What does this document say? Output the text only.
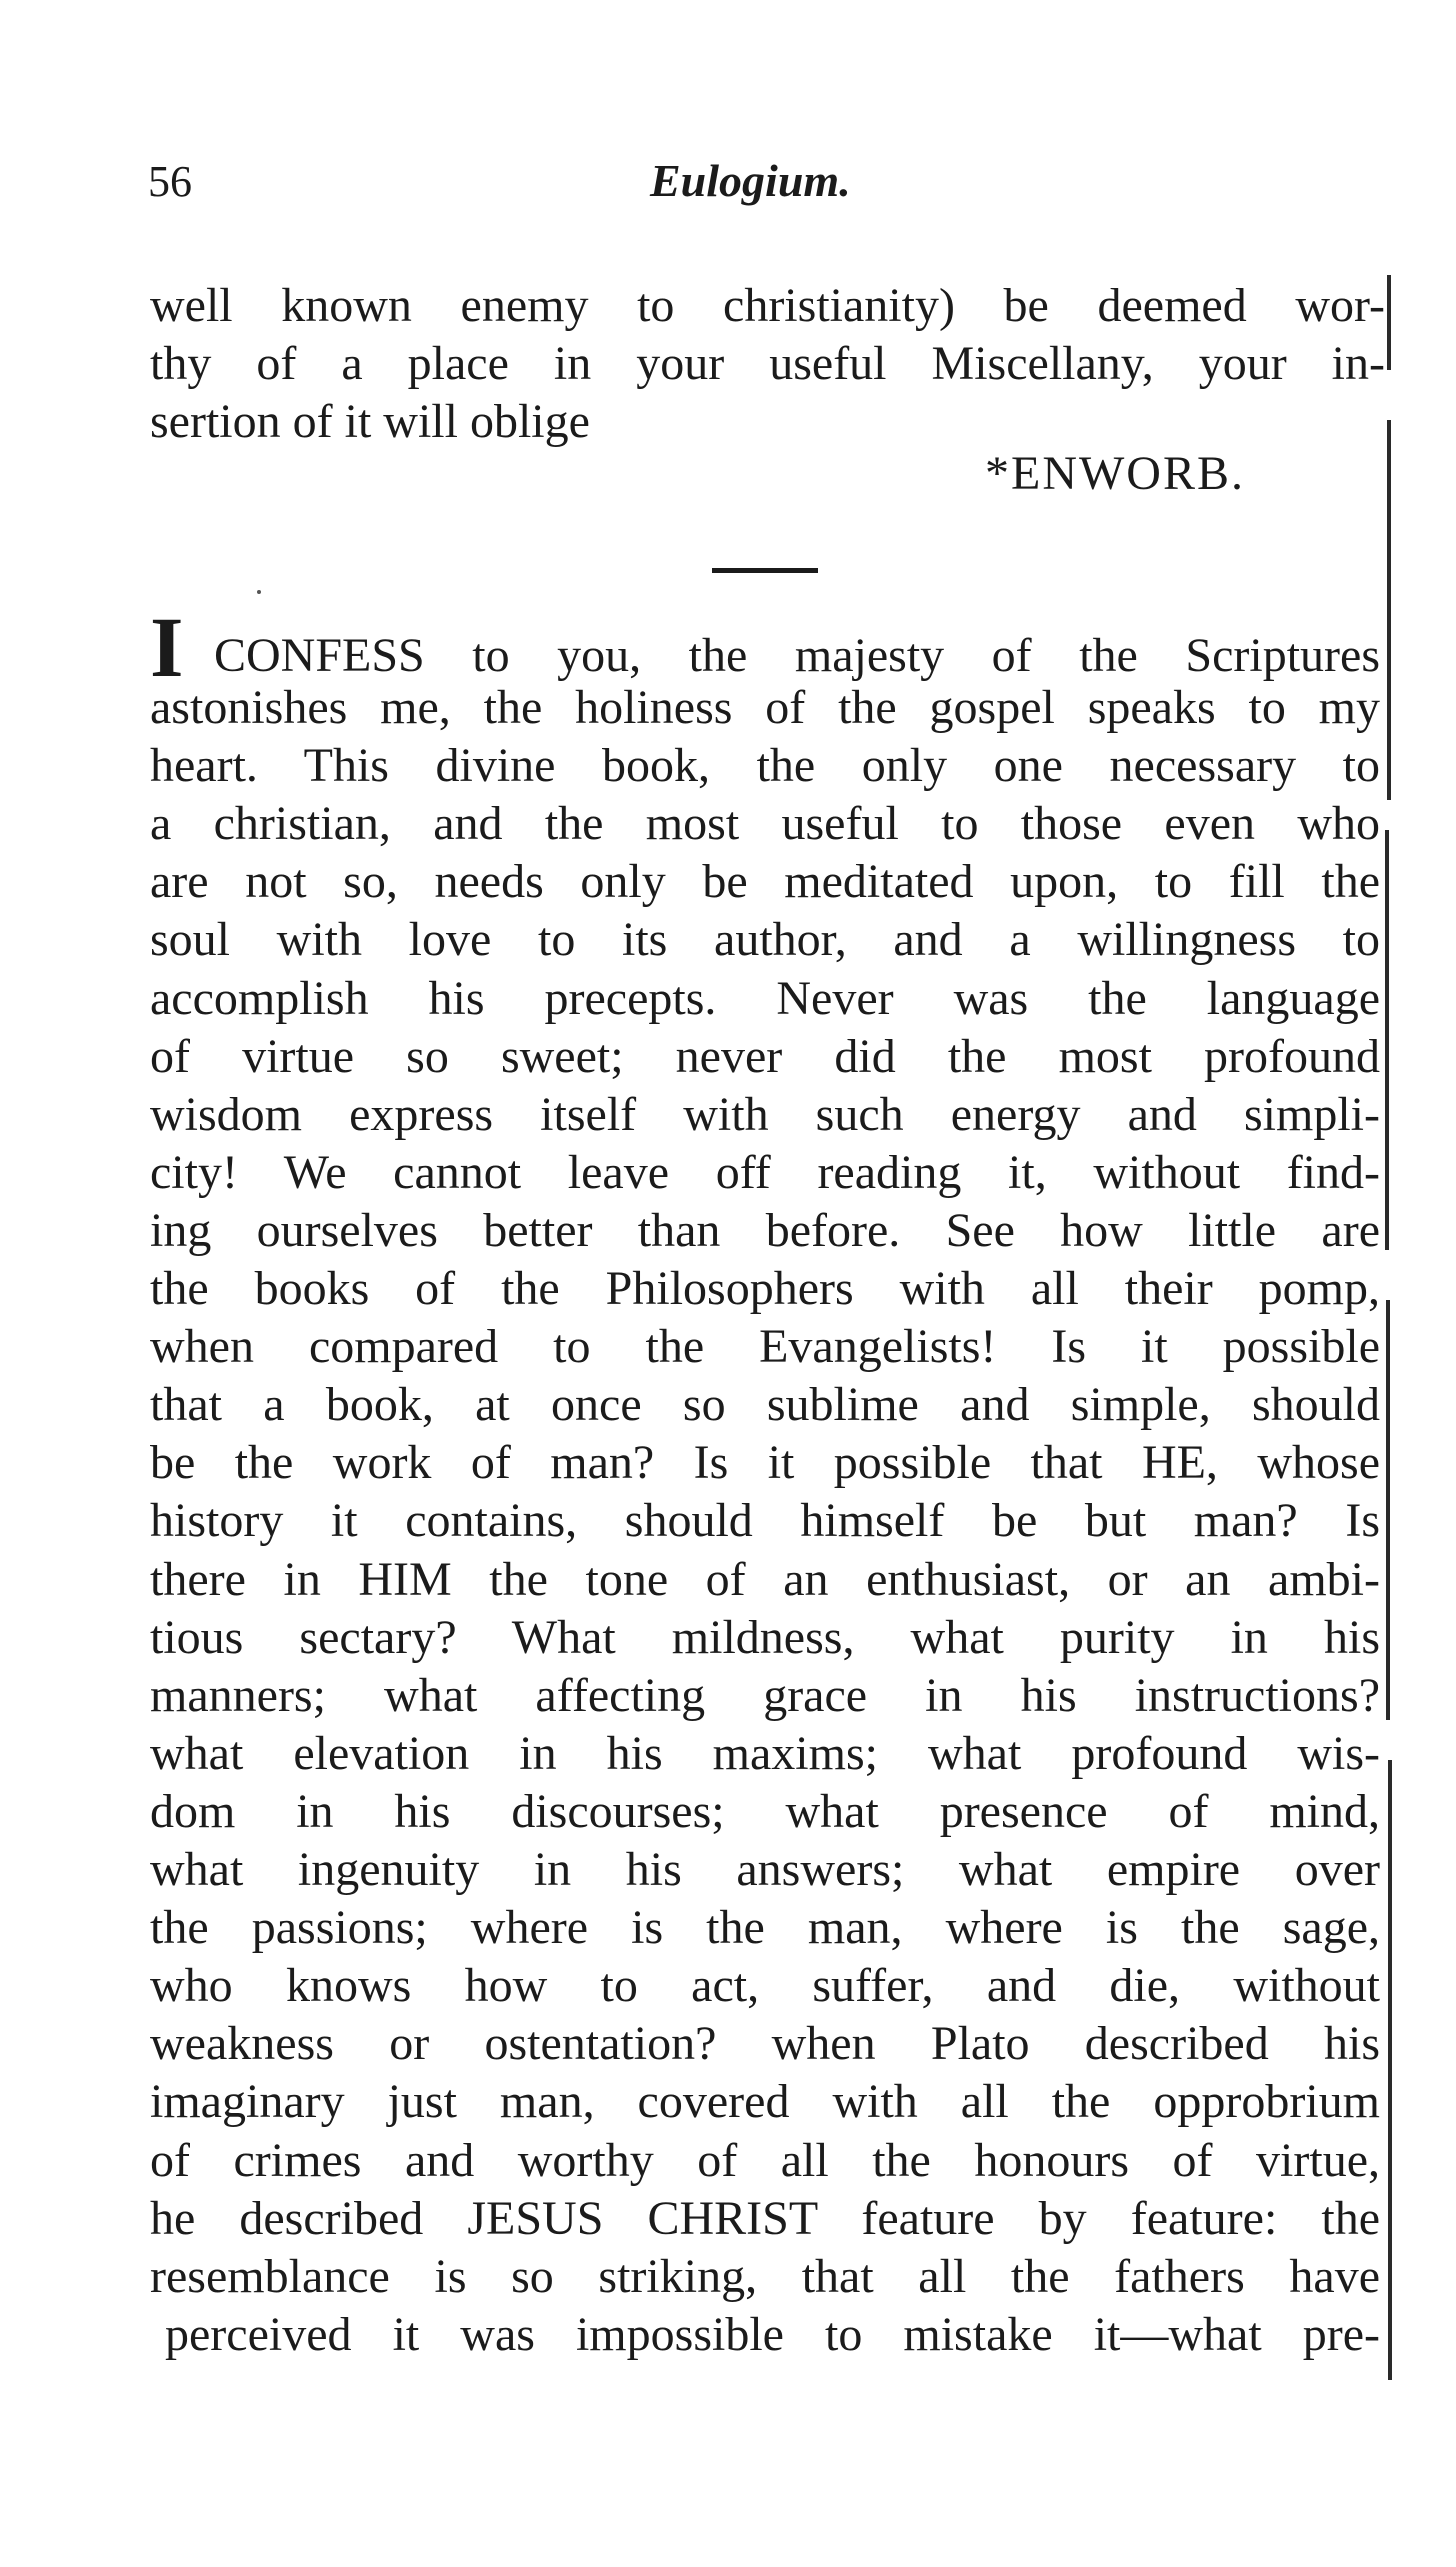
56	Eulogium.
well known enemy to christianity) be deemed wor-
thy of a place in your useful Miscellany, your in-
sertion of it will oblige
*ENWORB.
I CONFESS to you, the majesty of the Scriptures
astonishes me, the holiness of the gospel speaks to my
heart. This divine book, the only one necessary to
a christian, and the most useful to those even who
are not so, needs only be meditated upon, to fill the
soul with love to its author, and a willingness to
accomplish his precepts. Never was the language
of virtue so sweet; never did the most profound
wisdom express itself with such energy and simpli-
city! We cannot leave off reading it, without find-
ing ourselves better than before. See how little are
the books of the Philosophers with all their pomp,
when compared to the Evangelists! Is it possible
that a book, at once so sublime and simple, should
be the work of man? Is it possible that HE, whose
history it contains, should himself be but man? Is
there in HIM the tone of an enthusiast, or an ambi-
tious sectary? What mildness, what purity in his
manners; what affecting grace in his instructions?
what elevation in his maxims; what profound wis-
dom in his discourses; what presence of mind,
what ingenuity in his answers; what empire over
the passions; where is the man, where is the sage,
who knows how to act, suffer, and die, without
weakness or ostentation? when Plato described his
imaginary just man, covered with all the opprobrium
of crimes and worthy of all the honours of virtue,
he described JESUS CHRIST feature by feature: the
resemblance is so striking, that all the fathers have
perceived it was impossible to mistake it—what pre-
